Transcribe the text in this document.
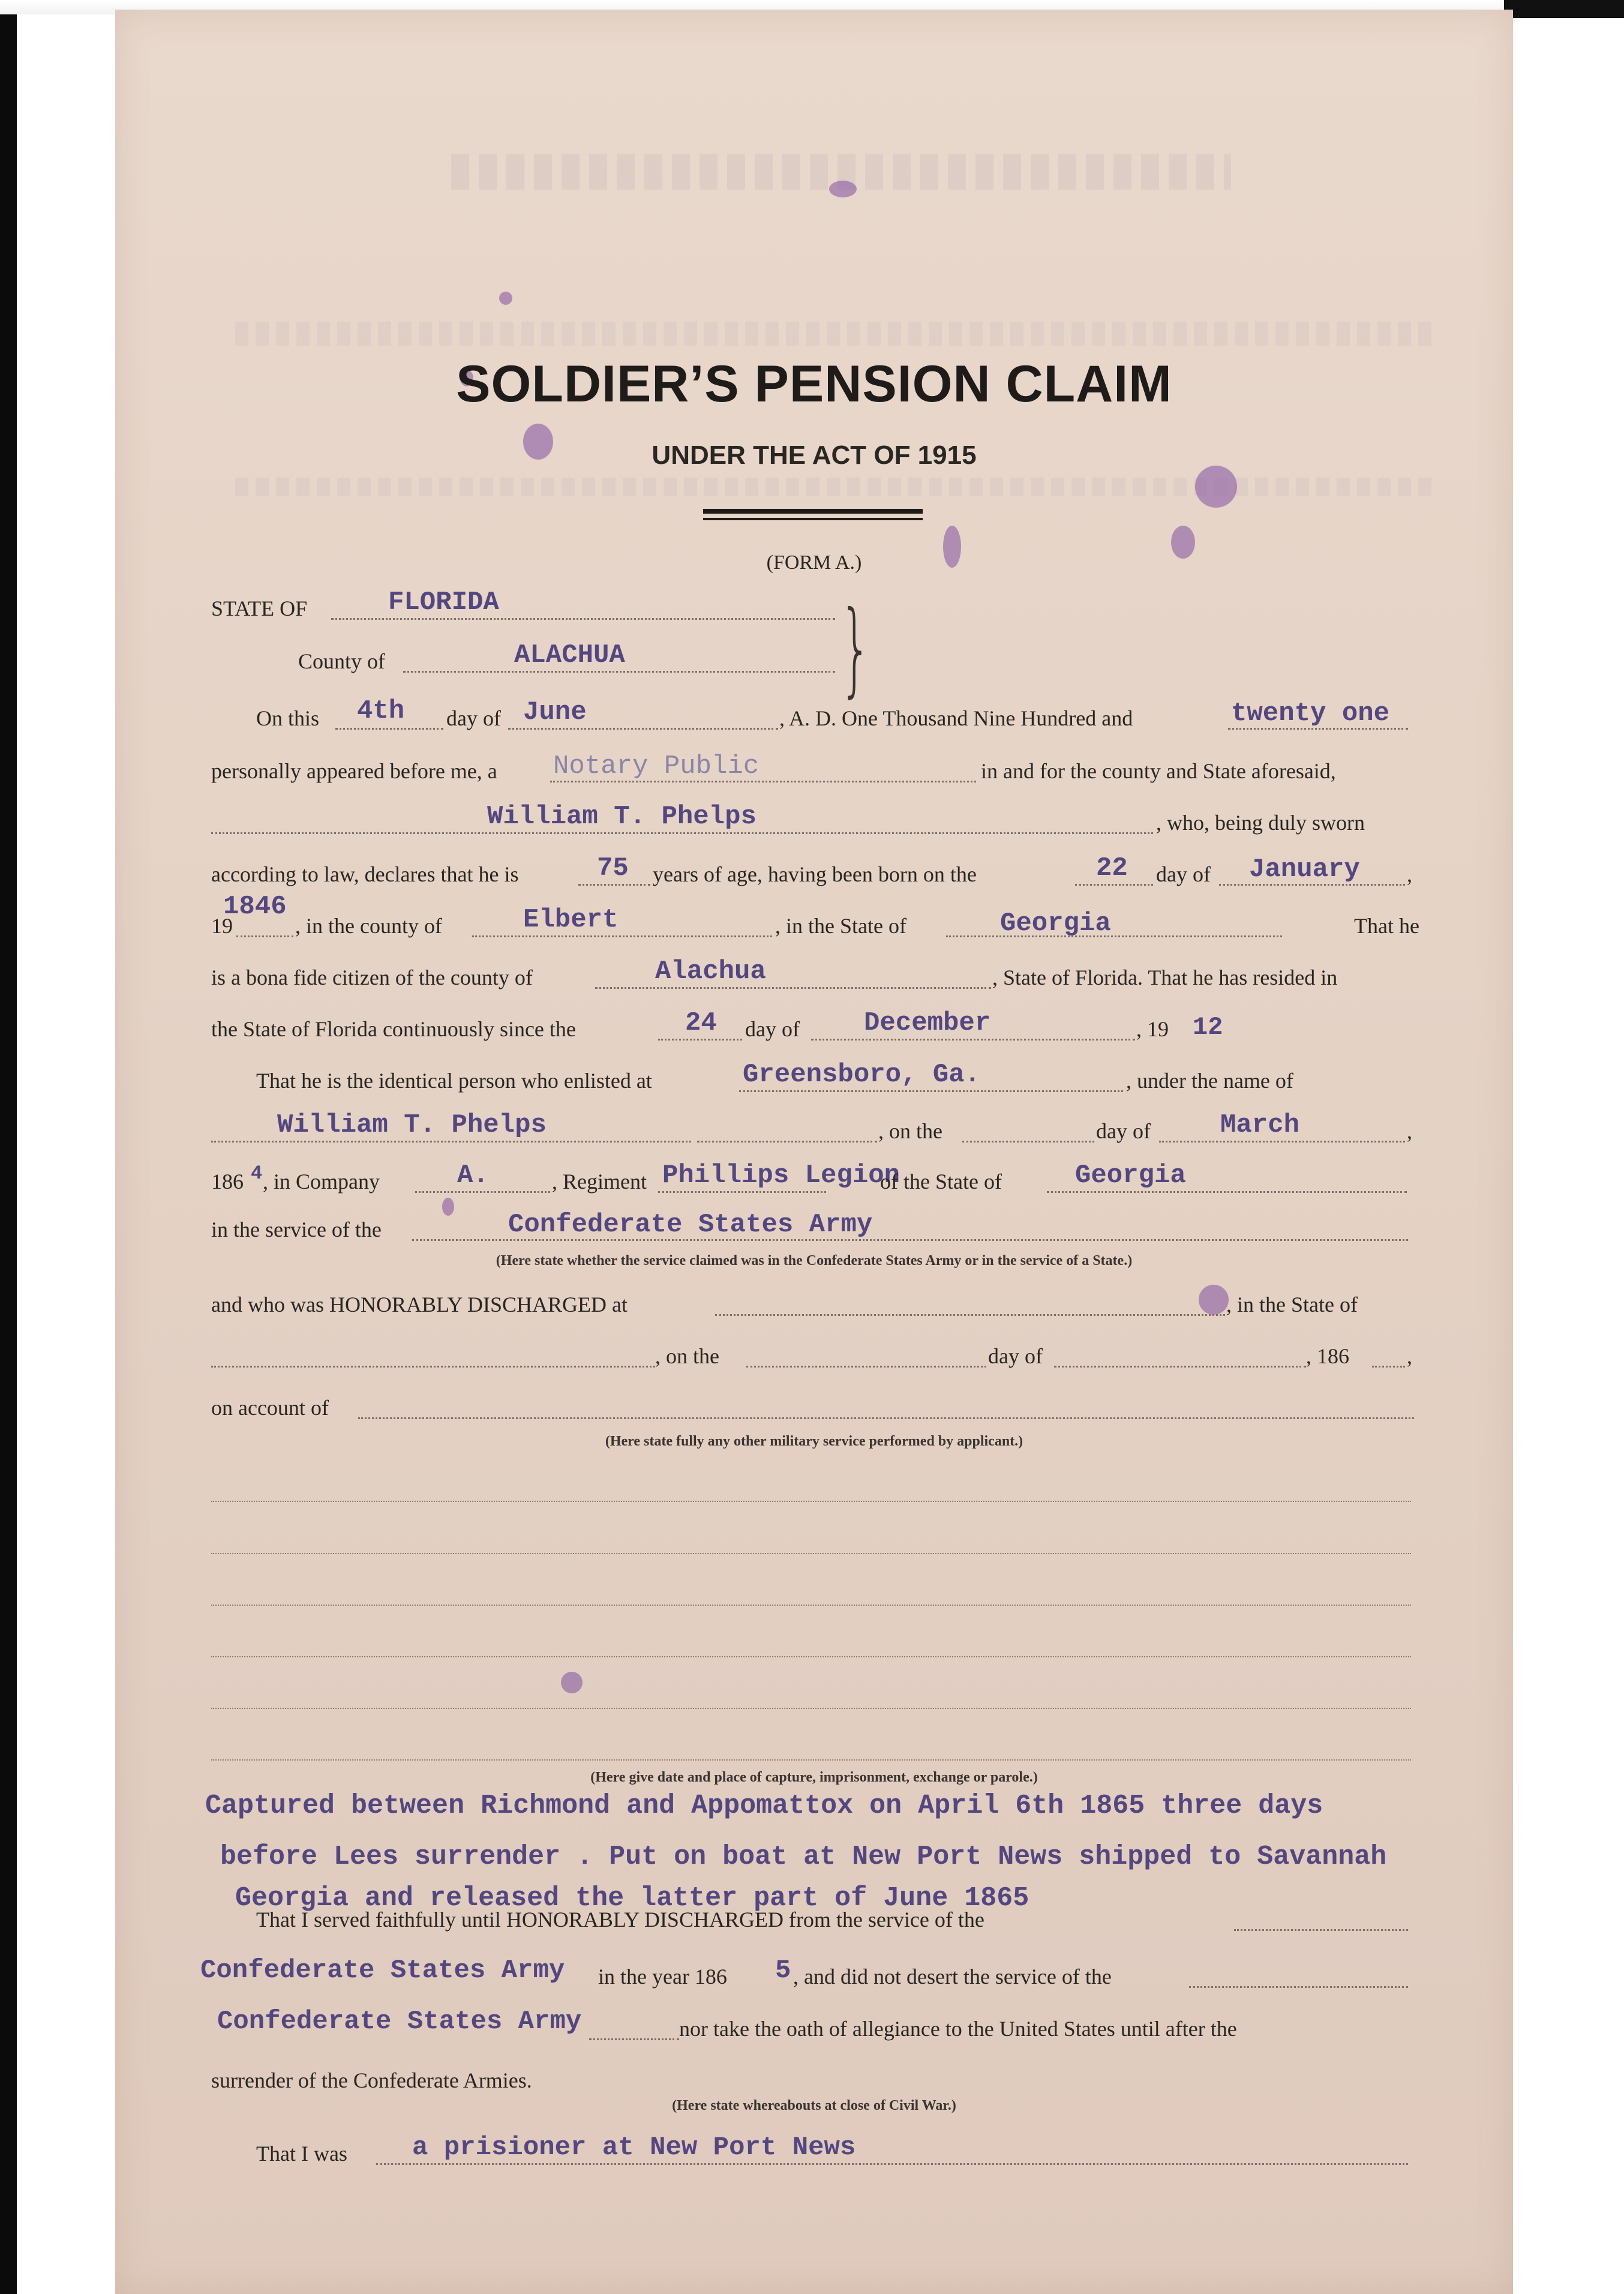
SOLDIER’S PENSION CLAIM
UNDER THE ACT OF 1915
(FORM A.)
STATE OF	FLORIDA
County of	ALACHUA }
On this 4th day of June	, A. D. One Thousand Nine Hundred and	twenty one
personally appeared before me, a Notary Public	in and for the county and State aforesaid,
William T. Phelps	, who, being duly sworn
according to law, declares that he is	75 years of age, having been born on the	22 day of January ,
1846
19	, in the county of	Elbert	, in the State of	Georgia	That he
is a bona fide citizen of the county of	Alachua	, State of Florida. That he has resided in
the State of Florida continuously since the	24 day of December	, 19 12
That he is the identical person who enlisted at	Greensboro, Ga.	, under the name of
William T. Phelps	, on the	day of	March	,
186 4 , in Company	A.	, Regiment Phillips Legion
of the State of	Georgia
in the service of the	Confederate States Army
(Here state whether the service claimed was in the Confederate States Army or in the service of a State.)
and who was HONORABLY DISCHARGED at	, in the State of
, on the	day of	, 186	,
on account of
(Here state fully any other military service performed by applicant.)
(Here give date and place of capture, imprisonment, exchange or parole.)
Captured between Richmond and Appomattox on April 6th 1865 three days
before Lees surrender . Put on boat at New Port News shipped to Savannah
Georgia and released the latter part of June 1865
That I served faithfully until HONORABLY DISCHARGED from the service of the
Confederate States Army in the year 186 5 , and did not desert the service of the
Confederate States Army	nor take the oath of allegiance to the United States until after the
surrender of the Confederate Armies.
(Here state whereabouts at close of Civil War.)
That I was a prisioner at New Port News
